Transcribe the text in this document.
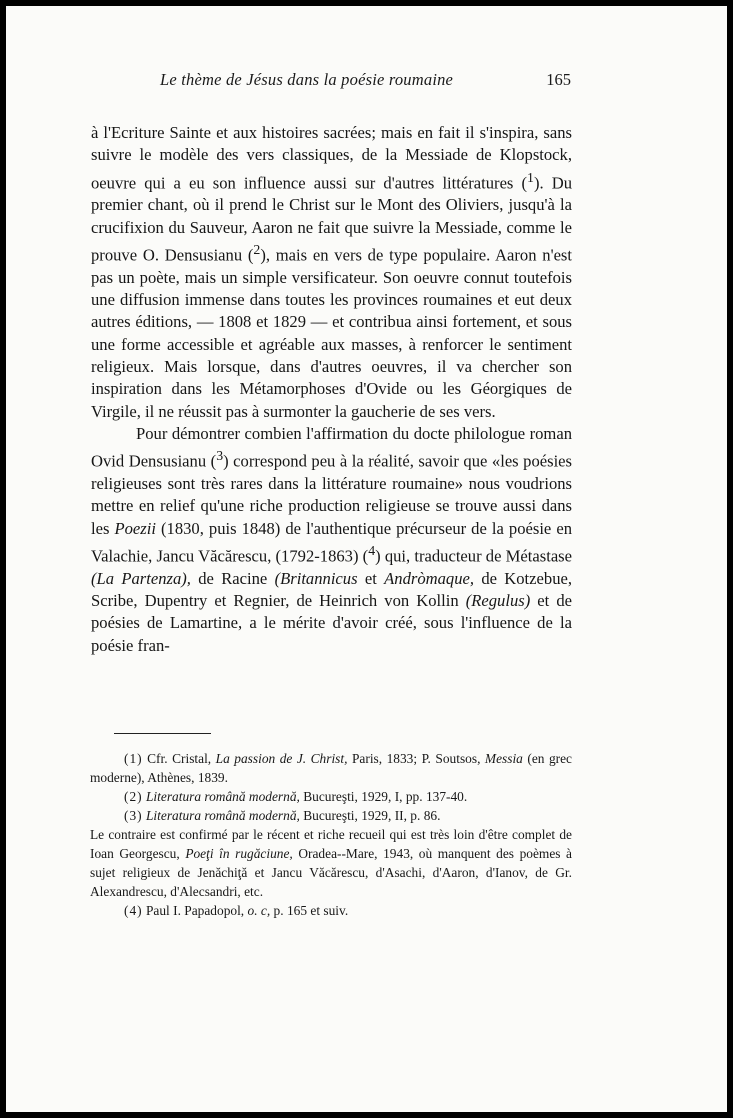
Le thème de Jésus dans la poésie roumaine	165

à l'Ecriture Sainte et aux histoires sacrées; mais en fait il s'inspira, sans suivre le modèle des vers classiques, de la Messiade de Klopstock, oeuvre qui a eu son influence aussi sur d'autres littératures ($^1$). Du premier chant, où il prend le Christ sur le Mont des Oliviers, jusqu'à la crucifixion du Sauveur, Aaron ne fait que suivre la Messiade, comme le prouve O. Densusianu ($^2$), mais en vers de type populaire. Aaron n'est pas un poète, mais un simple versificateur. Son oeuvre connut toutefois une diffusion immense dans toutes les provinces roumaines et eut deux autres éditions, — 1808 et 1829 — et contribua ainsi fortement, et sous une forme accessible et agréable aux masses, à renforcer le sentiment religieux. Mais lorsque, dans d'autres oeuvres, il va chercher son inspiration dans les Métamorphoses d'Ovide ou les Géorgiques de Virgile, il ne réussit pas à surmonter la gaucherie de ses vers.

Pour démontrer combien l'affirmation du docte philologue roman Ovid Densusianu ($^3$) correspond peu à la réalité, savoir que «les poésies religieuses sont très rares dans la littérature roumaine» nous voudrions mettre en relief qu'une riche production religieuse se trouve aussi dans les Poezii (1830, puis 1848) de l'authentique précurseur de la poésie en Valachie, Jancu Văcărescu, (1792-1863) ($^4$) qui, traducteur de Métastase (La Partenza), de Racine (Britannicus et Andròmaque, de Kotzebue, Scribe, Dupentry et Regnier, de Heinrich von Kollin (Regulus) et de poésies de Lamartine, a le mérite d'avoir créé, sous l'influence de la poésie fran-

(1) Cfr. Cristal, La passion de J. Christ, Paris, 1833; P. Soutsos, Messia (en grec moderne), Athènes, 1839.

(2) Literatura română modernă, Bucureşti, 1929, I, pp. 137-40.

(3) Literatura română modernă, Bucureşti, 1929, II, p. 86.

Le contraire est confirmé par le récent et riche recueil qui est très loin d'être complet de Ioan Georgescu, Poeţi în rugăciune, Oradea--Mare, 1943, où manquent des poèmes à sujet religieux de Jenăchiţă et Jancu Văcărescu, d'Asachi, d'Aaron, d'Ianov, de Gr. Alexandrescu, d'Alecsandri, etc.

(4) Paul I. Papadopol, o. c, p. 165 et suiv.
